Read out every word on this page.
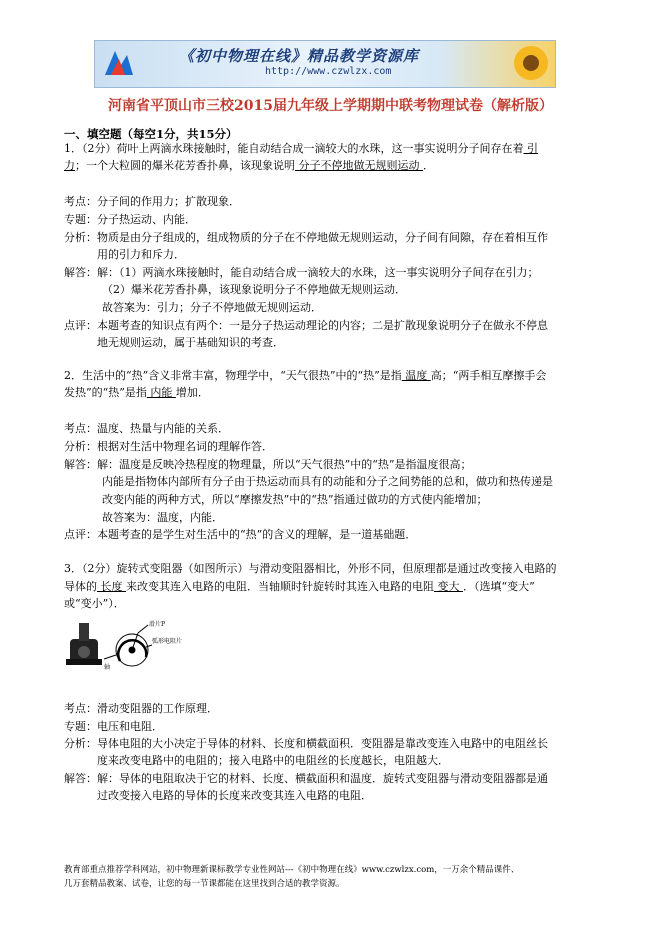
《初中物理在线》精品教学资源库
http://www.czwlzx.com
河南省平顶山市三校2015届九年级上学期期中联考物理试卷（解析版）
一、填空题（每空1分，共15分）
1．（2分）荷叶上两滴水珠接触时，能自动结合成一滴较大的水珠，这一事实说明分子间存在着 引
力；一个大粒圆的爆米花芳香扑鼻，该现象说明 分子不停地做无规则运动 ．
考点：分子间的作用力；扩散现象．
专题：分子热运动、内能．
分析：物质是由分子组成的，组成物质的分子在不停地做无规则运动，分子间有间隙，存在着相互作
用的引力和斥力．
解答：解：（1）两滴水珠接触时，能自动结合成一滴较大的水珠，这一事实说明分子间存在引力；
（2）爆米花芳香扑鼻，该现象说明分子不停地做无规则运动．
故答案为：引力；分子不停地做无规则运动．
点评：本题考查的知识点有两个：一是分子热运动理论的内容；二是扩散现象说明分子在做永不停息
地无规则运动，属于基础知识的考查．
2．生活中的“热”含义非常丰富，物理学中，“天气很热”中的“热”是指 温度 高；“两手相互摩擦手会
发热”的“热”是指 内能 增加．
考点：温度、热量与内能的关系．
分析：根据对生活中物理名词的理解作答．
解答：解：温度是反映冷热程度的物理量，所以“天气很热”中的“热”是指温度很高；
内能是指物体内部所有分子由于热运动而具有的动能和分子之间势能的总和，做功和热传递是
改变内能的两种方式，所以“摩擦发热”中的“热”指通过做功的方式使内能增加；
故答案为：温度，内能．
点评：本题考查的是学生对生活中的“热”的含义的理解，是一道基础题．
3．（2分）旋转式变阻器（如图所示）与滑动变阻器相比，外形不同，但原理都是通过改变接入电路的
导体的 长度 来改变其连入电路的电阻．当轴顺时针旋转时其连入电路的电阻 变大 ．（选填“变大”
或“变小”）．
滑片P
弧形电阻片
轴
考点：滑动变阻器的工作原理．
专题：电压和电阻．
分析：导体电阻的大小决定于导体的材料、长度和横截面积．变阻器是靠改变连入电路中的电阻丝长
度来改变电路中的电阻的；接入电路中的电阻丝的长度越长，电阻越大．
解答：解：导体的电阻取决于它的材料、长度、横截面积和温度．旋转式变阻器与滑动变阻器都是通
过改变接入电路的导体的长度来改变其连入电路的电阻．
教育部重点推荐学科网站，初中物理新课标教学专业性网站---《初中物理在线》www.czwlzx.com，一万余个精品课件、
几万套精品教案、试卷，让您的每一节课都能在这里找到合适的教学资源。
